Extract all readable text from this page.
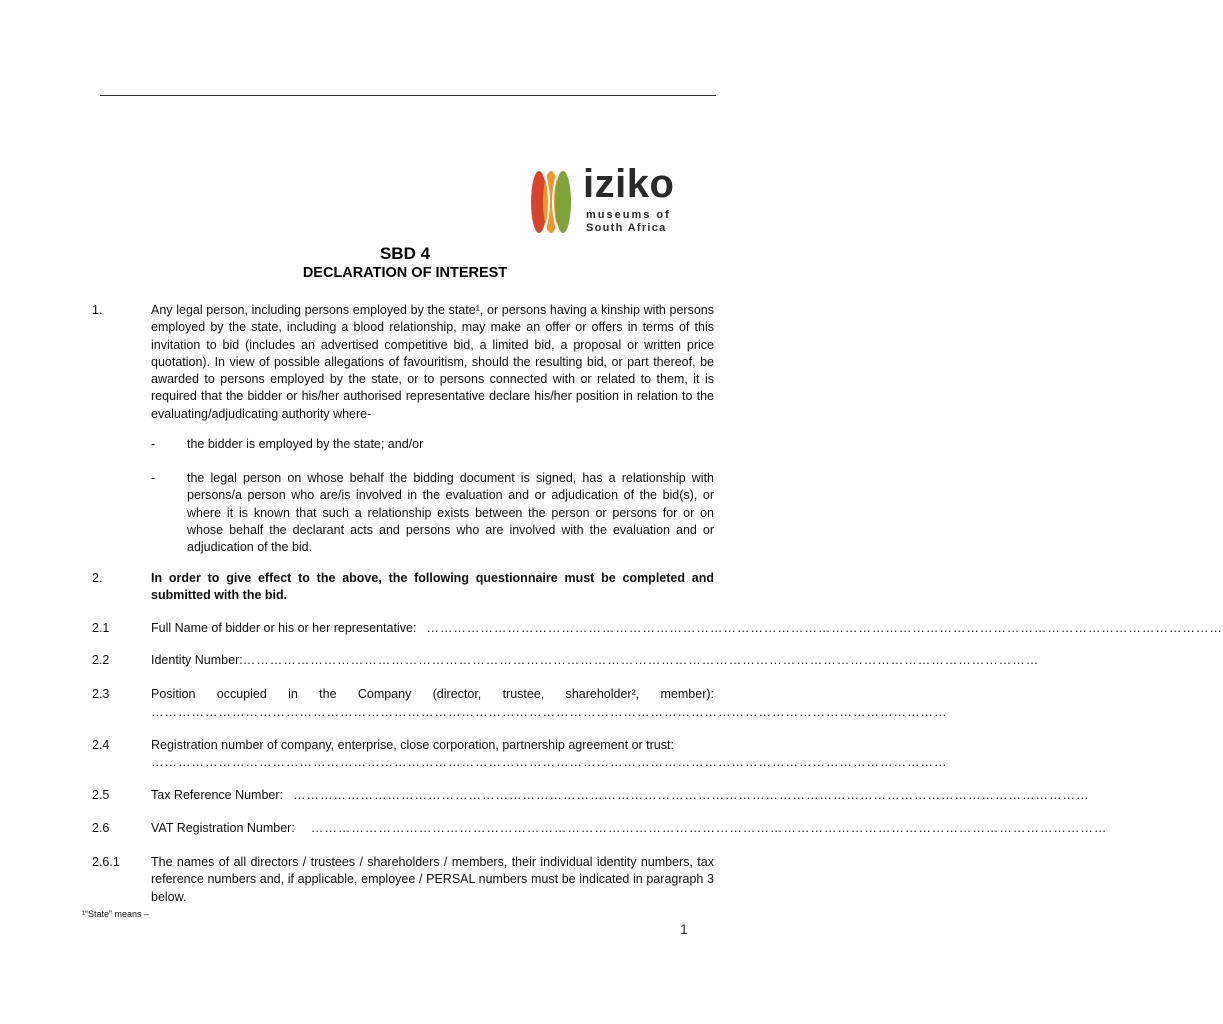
iziko
museums of
South Africa
SBD 4
DECLARATION OF INTEREST
1.	Any legal person, including persons employed by the state¹, or persons having a kinship with persons employed by the state, including a blood relationship, may make an offer or offers in terms of this invitation to bid (includes an advertised competitive bid, a limited bid, a proposal or written price quotation). In view of possible allegations of favouritism, should the resulting bid, or part thereof, be awarded to persons employed by the state, or to persons connected with or related to them, it is required that the bidder or his/her authorised representative declare his/her position in relation to the evaluating/adjudicating authority where-
-	the bidder is employed by the state; and/or
-	the legal person on whose behalf the bidding document is signed, has a relationship with persons/a person who are/is involved in the evaluation and or adjudication of the bid(s), or where it is known that such a relationship exists between the person or persons for or on whose behalf the declarant acts and persons who are involved with the evaluation and or adjudication of the bid.
2.	In order to give effect to the above, the following questionnaire must be completed and submitted with the bid.
2.1	Full Name of bidder or his or her representative: ……………………………………………………………………………………………………………………………………………………………
2.2	Identity Number: ……………………………………………………………………………………………………………………………………………………………
2.3	Position occupied in the Company (director, trustee, shareholder², member):
……………………………………………………………………………………………………………………………………………………………
2.4	Registration number of company, enterprise, close corporation, partnership agreement or trust:
……………………………………………………………………………………………………………………………………………………………
2.5	Tax Reference Number: ……………………………………………………………………………………………………………………………………………………………
2.6	VAT Registration Number:	……………………………………………………………………………………………………………………………………………………………
2.6.1 The names of all directors / trustees / shareholders / members, their individual identity numbers, tax reference numbers and, if applicable, employee / PERSAL numbers must be indicated in paragraph 3 below.
¹“State” means –
1
